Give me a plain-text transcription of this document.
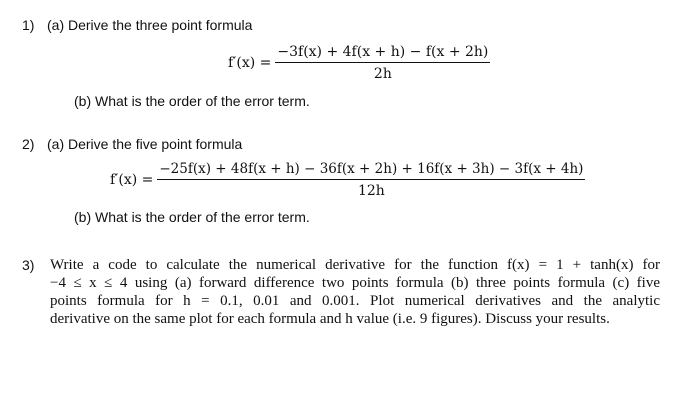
1) (a) Derive the three point formula
$f'(x) = \frac{-3f(x) + 4f(x + h) - f(x + 2h)}{2h}$
(b) What is the order of the error term.
2) (a) Derive the five point formula
f′(x) =
−25f(x) + 48f(x + h) − 36f(x + 2h) + 16f(x + 3h) − 3f(x + 4h)
12h
(b) What is the order of the error term.
3) Write a code to calculate the numerical derivative for the function f(x) = 1 + tanh(x) for
−4 ≤ x ≤ 4 using (a) forward difference two points formula (b) three points formula (c) five
points formula for h = 0.1, 0.01 and 0.001. Plot numerical derivatives and the analytic
derivative on the same plot for each formula and h value (i.e. 9 figures). Discuss your results.
